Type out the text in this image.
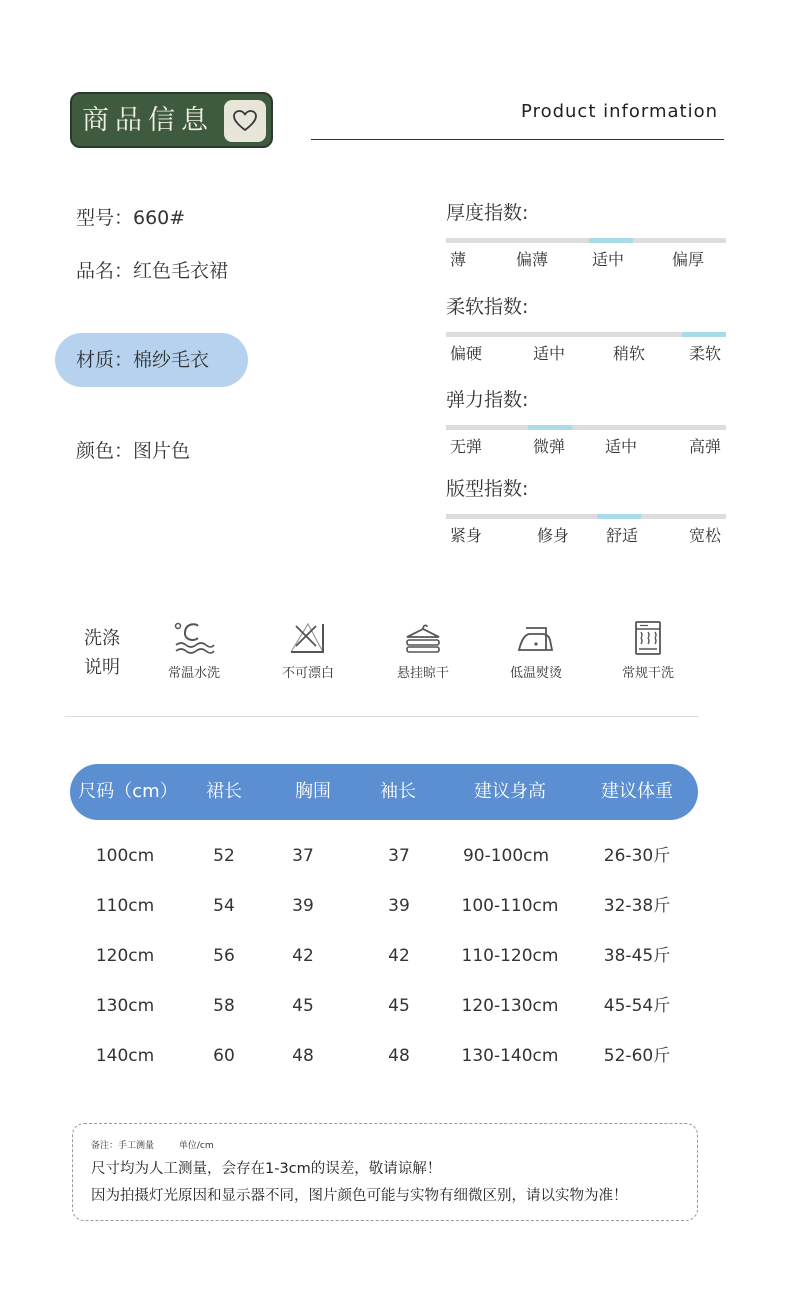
商品信息	Product information
型号：660#
品名：红色毛衣裙
材质：棉纱毛衣
颜色：图片色
厚度指数:
薄	偏薄	适中	偏厚
柔软指数:
偏硬	适中	稍软	柔软
弹力指数:
无弹	微弹 适中	高弹
版型指数:
紧身	修身 舒适	宽松
洗涤
说明	常温水洗	不可漂白	悬挂晾干	低温熨烫	常规干洗
尺码（cm） 裙长	胸围	袖长	建议身高	建议体重
100cm	52	37	37	90-100cm	26-30斤
110cm	54	39	39	100-110cm	32-38斤
120cm	56	42	42	110-120cm	38-45斤
130cm	58	45	45	120-130cm	45-54斤
140cm	60	48	48	130-140cm	52-60斤
备注：手工测量	单位/cm
尺寸均为人工测量，会存在1-3cm的误差，敬请谅解！
因为拍摄灯光原因和显示器不同，图片颜色可能与实物有细微区别，请以实物为准！
